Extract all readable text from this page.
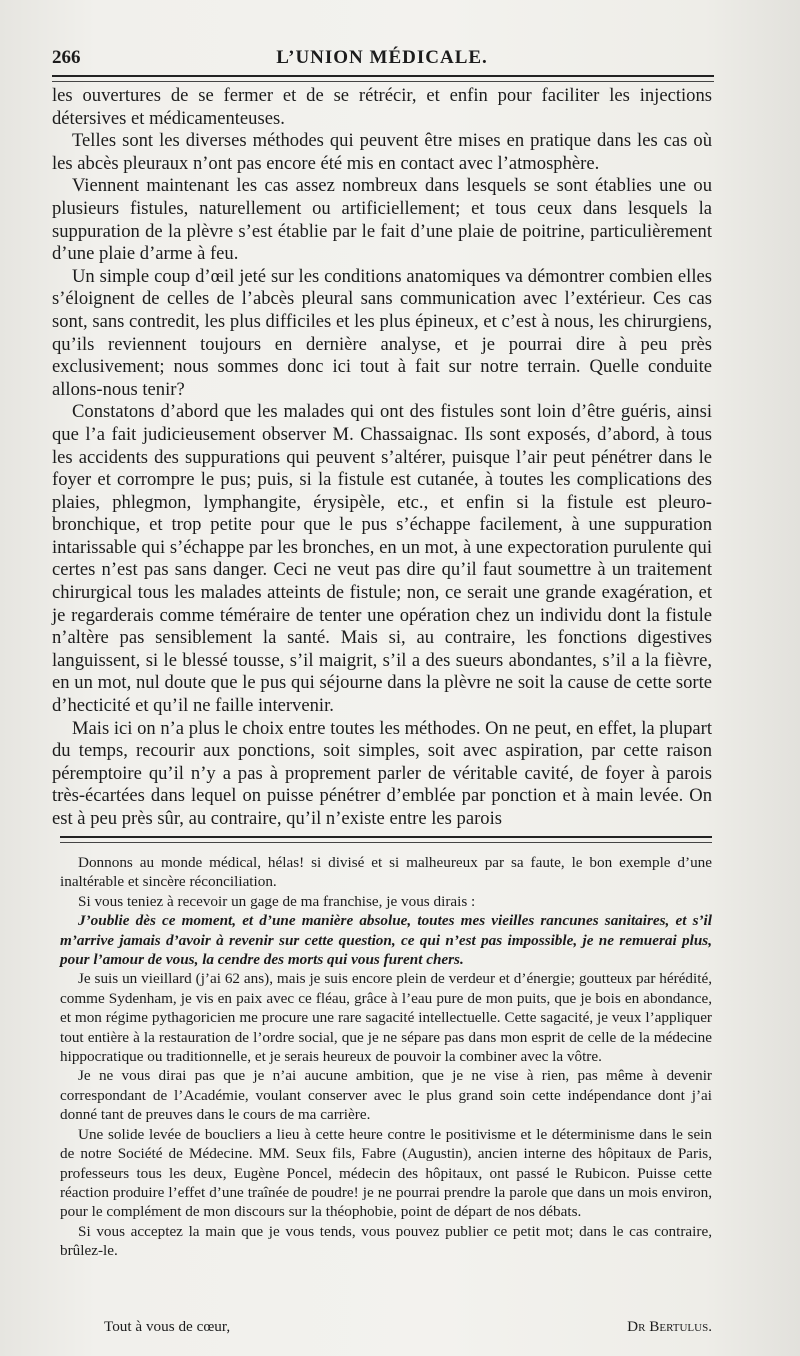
266	L’UNION MÉDICALE.

les ouvertures de se fermer et de se rétrécir, et enfin pour faciliter les injections détersives et médicamenteuses.

Telles sont les diverses méthodes qui peuvent être mises en pratique dans les cas où les abcès pleuraux n’ont pas encore été mis en contact avec l’atmosphère.

Viennent maintenant les cas assez nombreux dans lesquels se sont établies une ou plusieurs fistules, naturellement ou artificiellement; et tous ceux dans lesquels la suppuration de la plèvre s’est établie par le fait d’une plaie de poitrine, particulièrement d’une plaie d’arme à feu.

Un simple coup d’œil jeté sur les conditions anatomiques va démontrer combien elles s’éloignent de celles de l’abcès pleural sans communication avec l’extérieur. Ces cas sont, sans contredit, les plus difficiles et les plus épineux, et c’est à nous, les chirurgiens, qu’ils reviennent toujours en dernière analyse, et je pourrai dire à peu près exclusivement; nous sommes donc ici tout à fait sur notre terrain. Quelle conduite allons-nous tenir?

Constatons d’abord que les malades qui ont des fistules sont loin d’être guéris, ainsi que l’a fait judicieusement observer M. Chassaignac. Ils sont exposés, d’abord, à tous les accidents des suppurations qui peuvent s’altérer, puisque l’air peut pénétrer dans le foyer et corrompre le pus; puis, si la fistule est cutanée, à toutes les complications des plaies, phlegmon, lymphangite, érysipèle, etc., et enfin si la fistule est pleuro-bronchique, et trop petite pour que le pus s’échappe facilement, à une suppuration intarissable qui s’échappe par les bronches, en un mot, à une expectoration purulente qui certes n’est pas sans danger. Ceci ne veut pas dire qu’il faut soumettre à un traitement chirurgical tous les malades atteints de fistule; non, ce serait une grande exagération, et je regarderais comme téméraire de tenter une opération chez un individu dont la fistule n’altère pas sensiblement la santé. Mais si, au contraire, les fonctions digestives languissent, si le blessé tousse, s’il maigrit, s’il a des sueurs abondantes, s’il a la fièvre, en un mot, nul doute que le pus qui séjourne dans la plèvre ne soit la cause de cette sorte d’hecticité et qu’il ne faille intervenir.

Mais ici on n’a plus le choix entre toutes les méthodes. On ne peut, en effet, la plupart du temps, recourir aux ponctions, soit simples, soit avec aspiration, par cette raison péremptoire qu’il n’y a pas à proprement parler de véritable cavité, de foyer à parois très-écartées dans lequel on puisse pénétrer d’emblée par ponction et à main levée. On est à peu près sûr, au contraire, qu’il n’existe entre les parois

Donnons au monde médical, hélas! si divisé et si malheureux par sa faute, le bon exemple d’une inaltérable et sincère réconciliation.

Si vous teniez à recevoir un gage de ma franchise, je vous dirais :

J’oublie dès ce moment, et d’une manière absolue, toutes mes vieilles rancunes sanitaires, et s’il m’arrive jamais d’avoir à revenir sur cette question, ce qui n’est pas impossible, je ne remuerai plus, pour l’amour de vous, la cendre des morts qui vous furent chers.

Je suis un vieillard (j’ai 62 ans), mais je suis encore plein de verdeur et d’énergie; goutteux par hérédité, comme Sydenham, je vis en paix avec ce fléau, grâce à l’eau pure de mon puits, que je bois en abondance, et mon régime pythagoricien me procure une rare sagacité intellectuelle. Cette sagacité, je veux l’appliquer tout entière à la restauration de l’ordre social, que je ne sépare pas dans mon esprit de celle de la médecine hippocratique ou traditionnelle, et je serais heureux de pouvoir la combiner avec la vôtre.

Je ne vous dirai pas que je n’ai aucune ambition, que je ne vise à rien, pas même à devenir correspondant de l’Académie, voulant conserver avec le plus grand soin cette indépendance dont j’ai donné tant de preuves dans le cours de ma carrière.

Une solide levée de boucliers a lieu à cette heure contre le positivisme et le déterminisme dans le sein de notre Société de Médecine. MM. Seux fils, Fabre (Augustin), ancien interne des hôpitaux de Paris, professeurs tous les deux, Eugène Poncel, médecin des hôpitaux, ont passé le Rubicon. Puisse cette réaction produire l’effet d’une traînée de poudre! je ne pourrai prendre la parole que dans un mois environ, pour le complément de mon discours sur la théophobie, point de départ de nos débats.

Si vous acceptez la main que je vous tends, vous pouvez publier ce petit mot; dans le cas contraire, brûlez-le.

Tout à vous de cœur,	Dr Bertulus.
